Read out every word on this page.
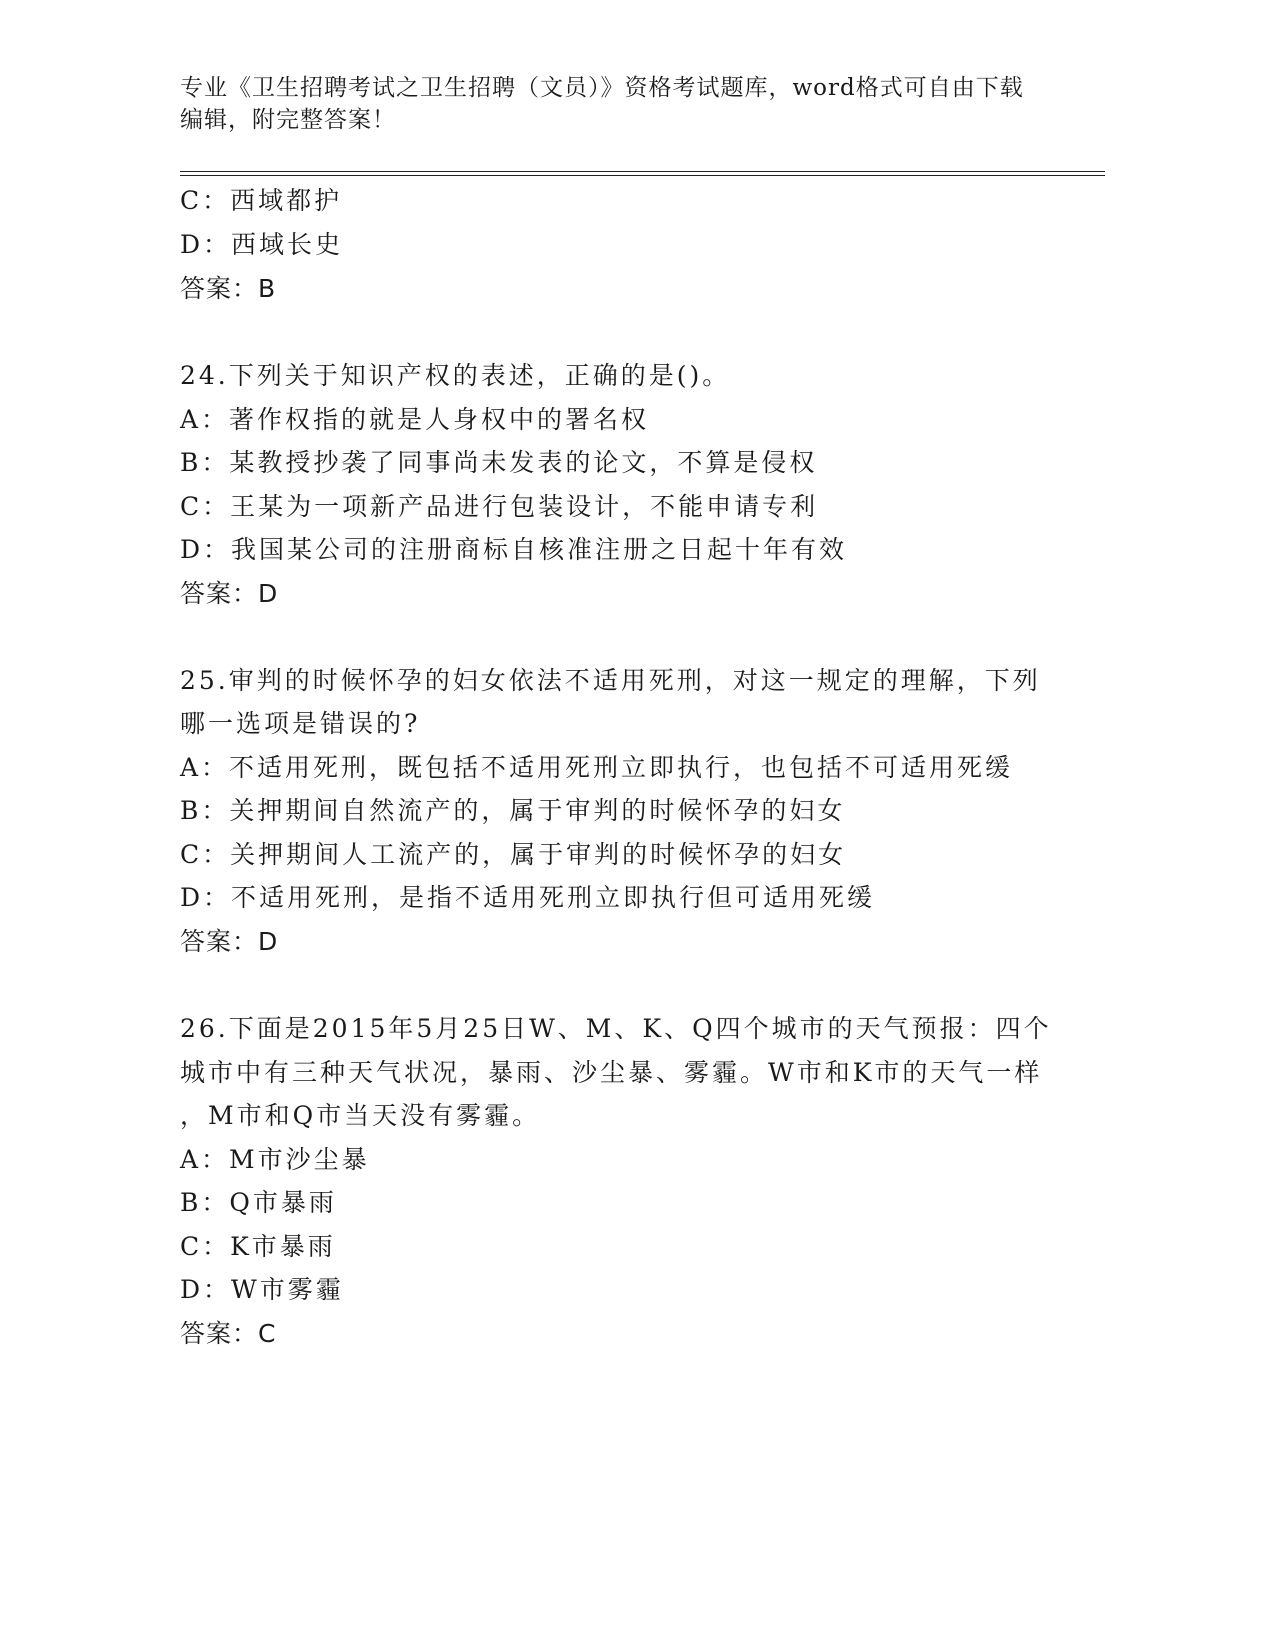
专业《卫生招聘考试之卫生招聘（文员）》资格考试题库，word格式可自由下载
编辑，附完整答案！
C：西域都护
D：西域长史
答案：B
24.下列关于知识产权的表述，正确的是()。
A：著作权指的就是人身权中的署名权
B：某教授抄袭了同事尚未发表的论文，不算是侵权
C：王某为一项新产品进行包装设计，不能申请专利
D：我国某公司的注册商标自核准注册之日起十年有效
答案：D
25.审判的时候怀孕的妇女依法不适用死刑，对这一规定的理解，下列
哪一选项是错误的?
A：不适用死刑，既包括不适用死刑立即执行，也包括不可适用死缓
B：关押期间自然流产的，属于审判的时候怀孕的妇女
C：关押期间人工流产的，属于审判的时候怀孕的妇女
D：不适用死刑，是指不适用死刑立即执行但可适用死缓
答案：D
26.下面是2015年5月25日W、M、K、Q四个城市的天气预报：四个
城市中有三种天气状况，暴雨、沙尘暴、雾霾。W市和K市的天气一样
，M市和Q市当天没有雾霾。
A：M市沙尘暴
B：Q市暴雨
C：K市暴雨
D：W市雾霾
答案：C
